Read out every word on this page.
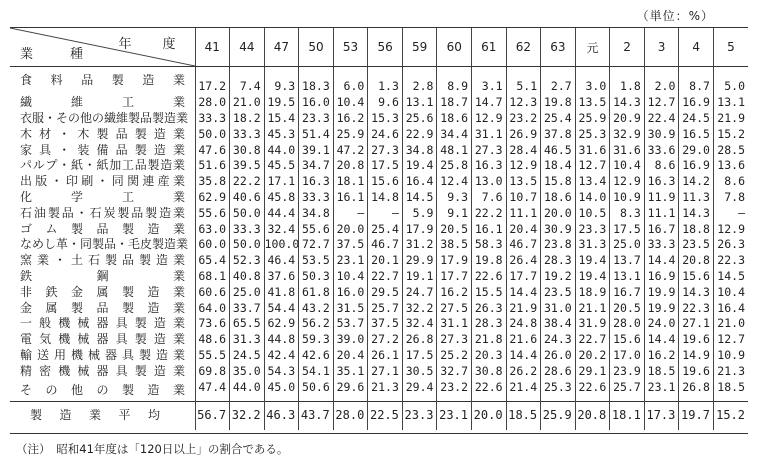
（単位：%）
年　度
業　種	41	44	47	50	53	56	59	60	61	62	63	元	2	3	4	5

食料品製造業	17.2	7.4	9.3	18.3	6.0	1.3	2.8	8.9	3.1	5.1	2.7	3.0	1.8	2.0	8.7	5.0

繊維工業	28.0	21.0	19.5	16.0	10.4	9.6	13.1	18.7	14.7	12.3	19.8	13.5	14.3	12.7	16.9	13.1

衣服・その他の繊維製品製造業	33.3	18.2	15.4	23.3	16.2	15.3	25.6	18.6	12.9	23.2	25.4	25.9	20.9	22.4	24.5	21.9

木材・木製品製造業	50.0	33.3	45.3	51.4	25.9	24.6	22.9	34.4	31.1	26.9	37.8	25.3	32.9	30.9	16.5	15.2

家具・装備品製造業	47.6	30.8	44.0	39.1	47.2	27.3	34.8	48.1	27.3	28.4	46.5	31.6	31.6	33.6	29.0	28.5

パルプ・紙・紙加工品製造業	51.6	39.5	45.5	34.7	20.8	17.5	19.4	25.8	16.3	12.9	18.4	12.7	10.4	8.6	16.9	13.6

出版・印刷・同関連産業	35.8	22.2	17.1	16.3	18.1	15.6	16.4	12.4	13.0	13.5	15.8	13.4	12.9	16.3	14.2	8.6

化学工業	62.9	40.6	45.8	33.3	16.1	14.8	14.5	9.3	7.6	10.7	18.6	14.0	10.9	11.9	11.3	7.8

石油製品・石炭製品製造業	55.6	50.0	44.4	34.8	—	—	5.9	9.1	22.2	11.1	20.0	10.5	8.3	11.1	14.3	—

ゴム製品製造業	63.0	33.3	32.4	55.6	20.0	25.4	17.9	20.5	16.1	20.4	30.9	23.3	17.5	16.7	18.8	12.9

なめし革・同製品・毛皮製造業	60.0	50.0	100.0	72.7	37.5	46.7	31.2	38.5	58.3	46.7	23.8	31.3	25.0	33.3	23.5	26.3

窯業・土石製品製造業	65.4	52.3	46.4	53.5	23.1	20.1	29.9	17.9	19.8	26.4	28.3	19.4	13.7	14.4	20.8	22.3

鉄鋼業	68.1	40.8	37.6	50.3	10.4	22.7	19.1	17.7	22.6	17.7	19.2	19.4	13.1	16.9	15.6	14.5

非鉄金属製造業	60.6	25.0	41.8	61.8	16.0	29.5	24.7	16.2	15.5	14.4	23.5	18.9	16.7	19.9	14.3	10.4

金属製品製造業	64.0	33.7	54.4	43.2	31.5	25.7	32.2	27.5	26.3	21.9	31.0	21.1	20.5	19.9	22.3	16.4

一般機械器具製造業	73.6	65.5	62.9	56.2	53.7	37.5	32.4	31.1	28.3	24.8	38.4	31.9	28.0	24.0	27.1	21.0

電気機械器具製造業	48.6	31.3	44.8	59.3	39.0	27.2	26.8	27.3	21.8	21.6	24.3	22.7	15.6	14.4	19.6	12.7

輸送用機械器具製造業	55.5	24.5	42.4	42.6	20.4	26.1	17.5	25.2	20.3	14.4	26.0	20.2	17.0	16.2	14.9	10.9

精密機械器具製造業	69.8	35.0	54.3	54.1	35.1	27.1	30.5	32.7	30.8	26.2	28.6	29.1	23.9	18.5	19.6	21.3

その他の製造業	47.4	44.0	45.0	50.6	29.6	21.3	29.4	23.2	22.6	21.4	25.3	22.6	25.7	23.1	26.8	18.5

製造業平均	56.7	32.2	46.3	43.7	28.0	22.5	23.3	23.1	20.0	18.5	25.9	20.8	18.1	17.3	19.7	15.2
（注）　昭和41年度は「120日以上」の割合である。
